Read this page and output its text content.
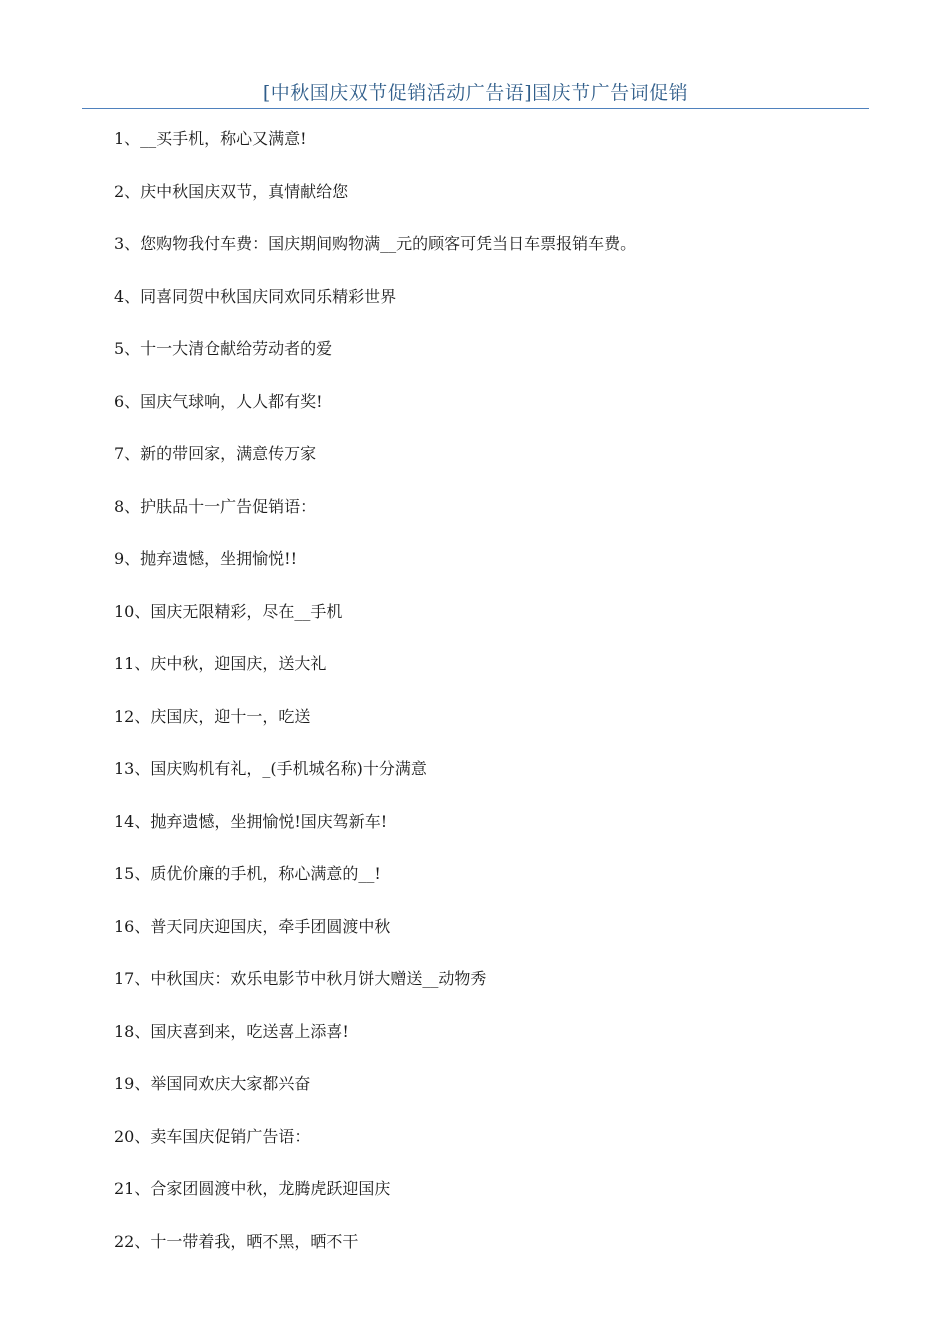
[中秋国庆双节促销活动广告语]国庆节广告词促销
1、__买手机，称心又满意!
2、庆中秋国庆双节，真情献给您
3、您购物我付车费：国庆期间购物满__元的顾客可凭当日车票报销车费。
4、同喜同贺中秋国庆同欢同乐精彩世界
5、十一大清仓献给劳动者的爱
6、国庆气球响，人人都有奖!
7、新的带回家，满意传万家
8、护肤品十一广告促销语：
9、抛弃遗憾，坐拥愉悦!!
10、国庆无限精彩，尽在__手机
11、庆中秋，迎国庆，送大礼
12、庆国庆，迎十一，吃送
13、国庆购机有礼，_(手机城名称)十分满意
14、抛弃遗憾，坐拥愉悦!国庆驾新车!
15、质优价廉的手机，称心满意的__!
16、普天同庆迎国庆，牵手团圆渡中秋
17、中秋国庆：欢乐电影节中秋月饼大赠送__动物秀
18、国庆喜到来，吃送喜上添喜!
19、举国同欢庆大家都兴奋
20、卖车国庆促销广告语：
21、合家团圆渡中秋，龙腾虎跃迎国庆
22、十一带着我，晒不黑，晒不干
